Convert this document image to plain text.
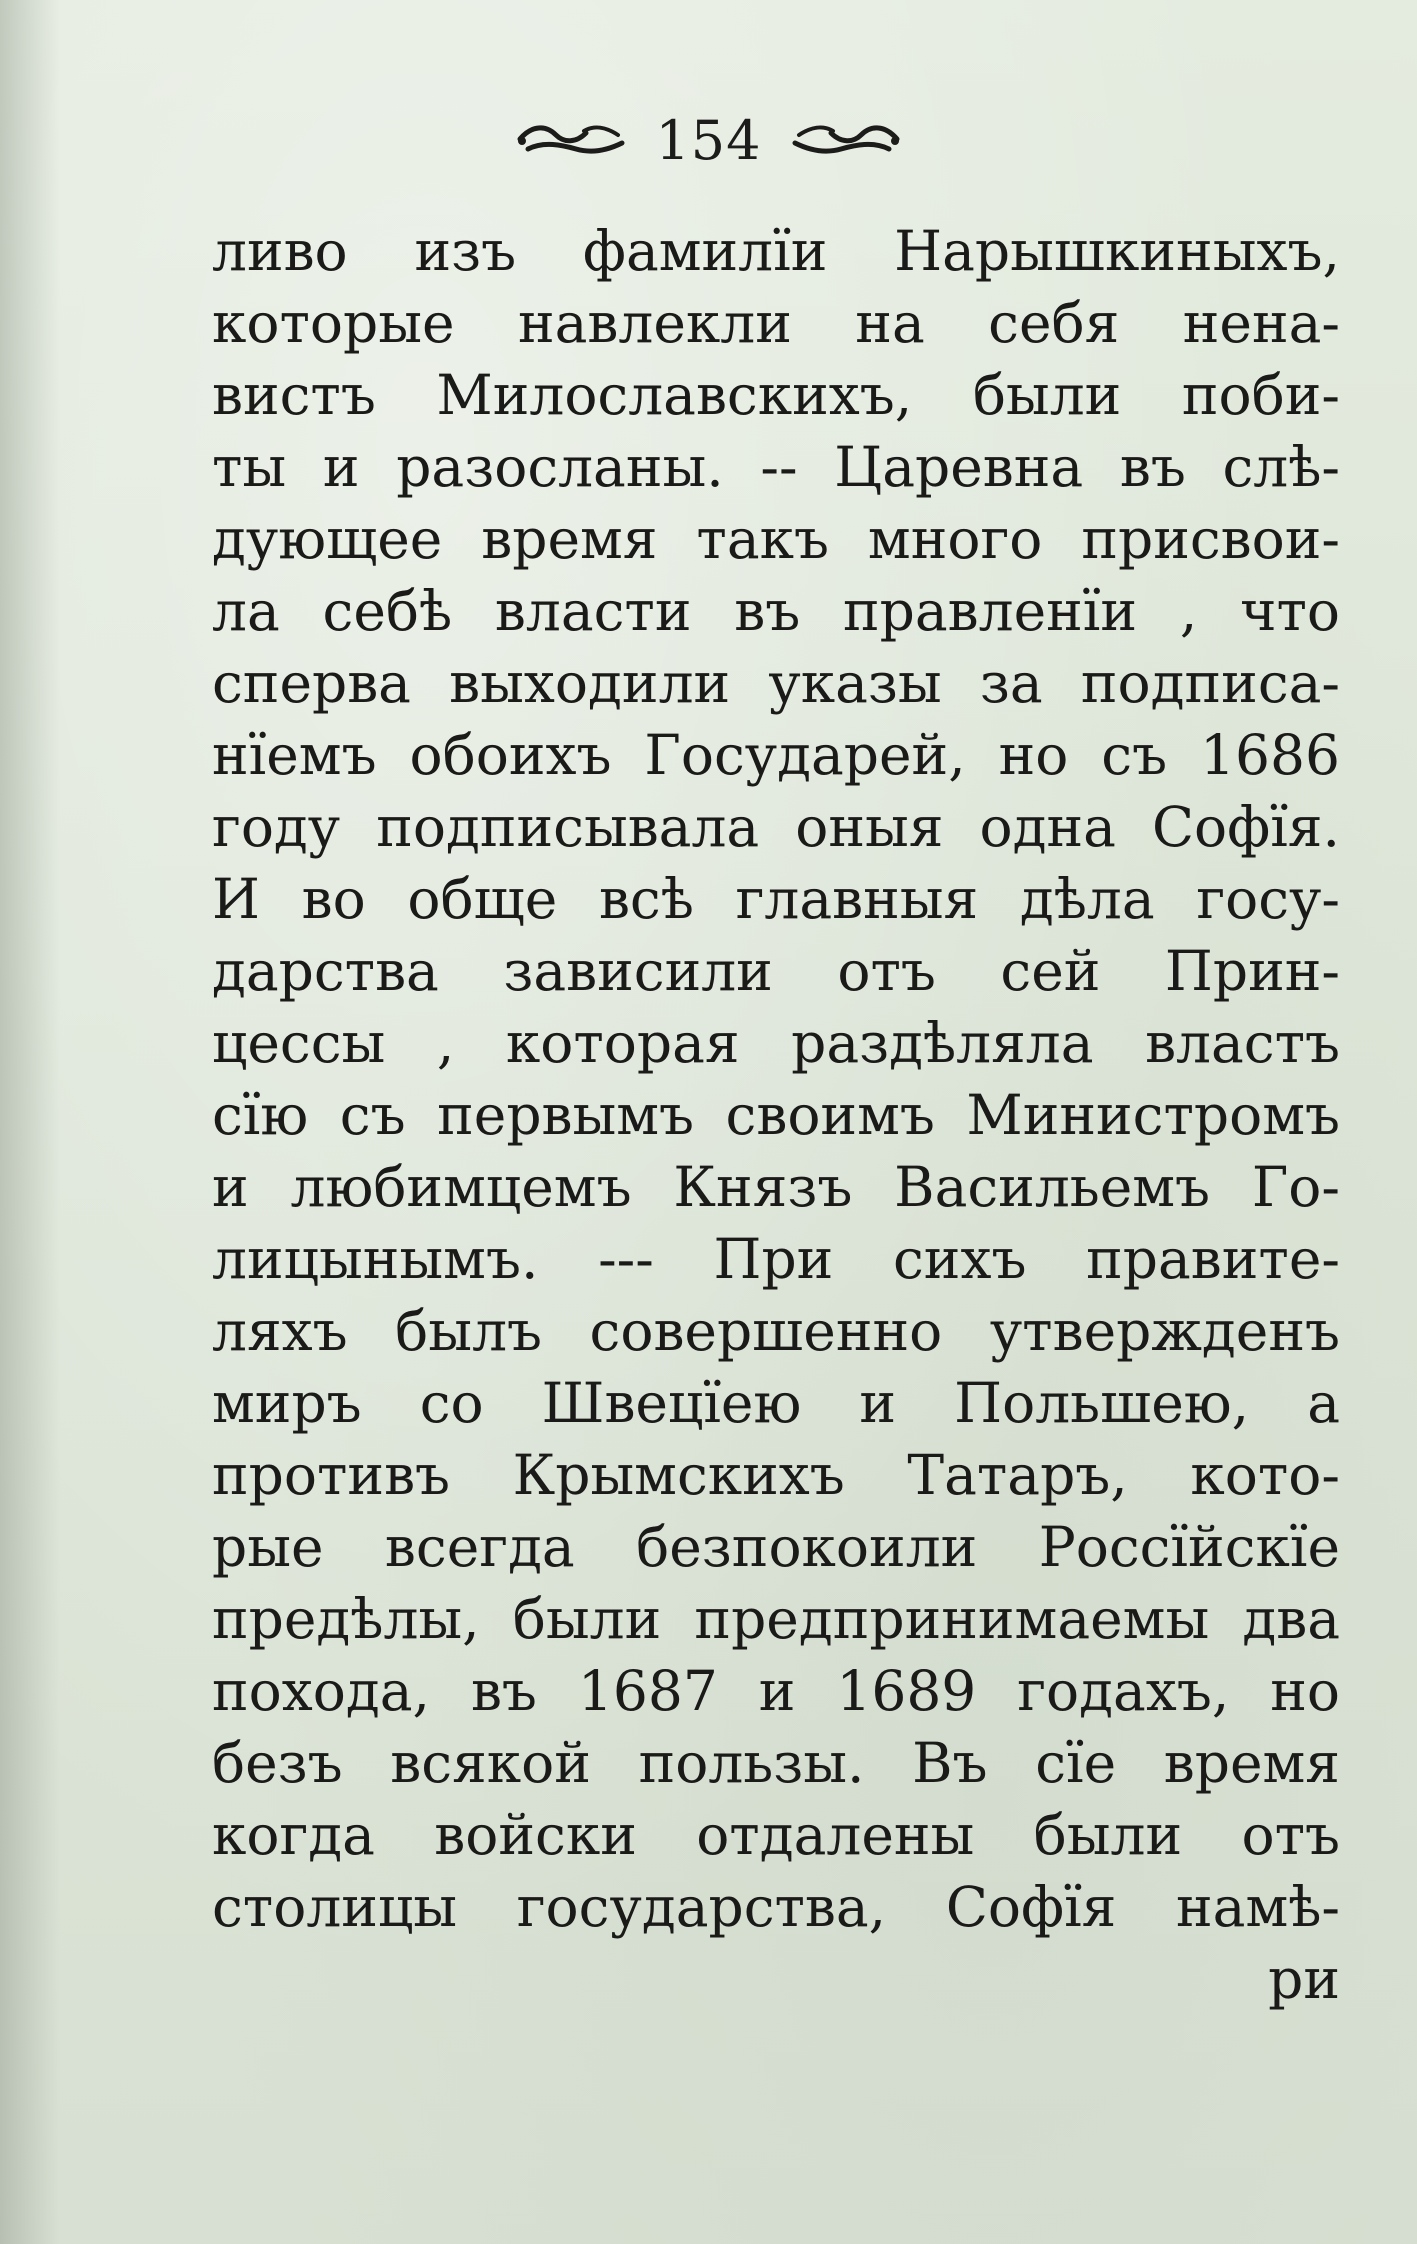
154
ливо изъ фамилïи Нарышкиныхъ,
которые навлекли на себя нена-
вистъ Милославскихъ, были поби-
ты и разосланы. -- Царевна въ слѣ-
дующее время такъ много присвои-
ла себѣ власти въ правленïи , что
сперва выходили указы за подписа-
нïемъ обоихъ Государей, но съ 1686
году подписывала оныя одна Софïя.
И во обще всѣ главныя дѣла госу-
дарства зависили отъ сей Прин-
цессы , которая раздѣляла властъ
сïю съ первымъ своимъ Министромъ
и любимцемъ Князъ Васильемъ Го-
лицынымъ. --- При сихъ правите-
ляхъ былъ совершенно утвержденъ
миръ со Швецïею и Польшею, а
противъ Крымскихъ Татаръ, кото-
рые всегда безпокоили Россïйскïе
предѣлы, были предпринимаемы два
похода, въ 1687 и 1689 годахъ, но
безъ всякой пользы. Въ сïе время
когда войски отдалены были отъ
столицы государства, Софïя намѣ-
ри
